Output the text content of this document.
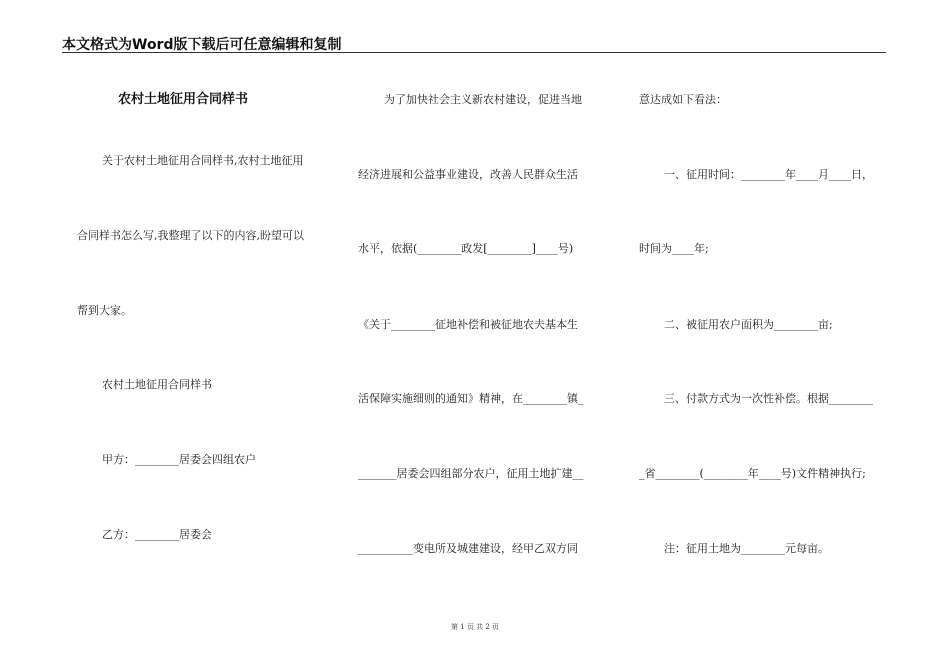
本文格式为Word版下载后可任意编辑和复制
农村土地征用合同样书
关于农村土地征用合同样书,农村土地征用
合同样书怎么写,我整理了以下的内容,盼望可以
帮到大家。
农村土地征用合同样书
甲方：________居委会四组农户
乙方：________居委会
为了加快社会主义新农村建设，促进当地
经济进展和公益事业建设，改善人民群众生活
水平，依据(________政发[________]____号)
《关于________征地补偿和被征地农夫基本生
活保障实施细则的通知》精神，在________镇_
_______居委会四组部分农户，征用土地扩建__
__________变电所及城建建设，经甲乙双方同
意达成如下看法：
一、征用时间：________年____月____日，
时间为____年;
二、被征用农户面积为________亩;
三、付款方式为一次性补偿。根据________
_省________(________年____号)文件精神执行;
注：征用土地为________元每亩。
第 1 页 共 2 页
